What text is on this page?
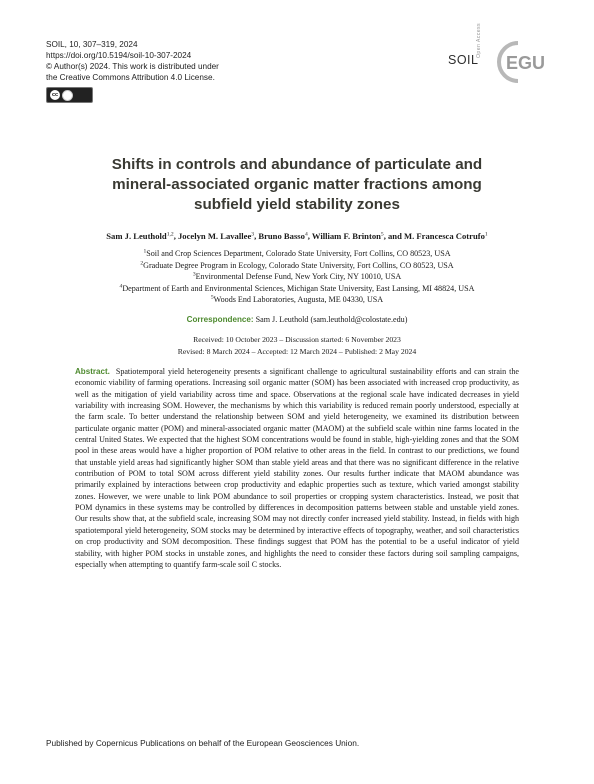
SOIL, 10, 307–319, 2024
https://doi.org/10.5194/soil-10-307-2024
© Author(s) 2024. This work is distributed under
the Creative Commons Attribution 4.0 License.
cc
SOIL
Open Access
EGU
Shifts in controls and abundance of particulate and
mineral-associated organic matter fractions among
subfield yield stability zones
Sam J. Leuthold$^{1,2}$, Jocelyn M. Lavallee$^3$, Bruno Basso$^4$, William F. Brinton$^5$, and M. Francesca Cotrufo$^1$
$^1$Soil and Crop Sciences Department, Colorado State University, Fort Collins, CO 80523, USA
$^2$Graduate Degree Program in Ecology, Colorado State University, Fort Collins, CO 80523, USA
$^3$Environmental Defense Fund, New York City, NY 10010, USA
$^4$Department of Earth and Environmental Sciences, Michigan State University, East Lansing, MI 48824, USA
$^5$Woods End Laboratories, Augusta, ME 04330, USA
Correspondence: Sam J. Leuthold (sam.leuthold@colostate.edu)
Received: 10 October 2023 – Discussion started: 6 November 2023
Revised: 8 March 2024 – Accepted: 12 March 2024 – Published: 2 May 2024
Abstract. Spatiotemporal yield heterogeneity presents a significant challenge to agricultural sustainability efforts and can strain the economic viability of farming operations. Increasing soil organic matter (SOM) has been associated with increased crop productivity, as well as the mitigation of yield variability across time and space. Observations at the regional scale have indicated decreases in yield variability with increasing SOM. However, the mechanisms by which this variability is reduced remain poorly understood, especially at the farm scale. To better understand the relationship between SOM and yield heterogeneity, we examined its distribution between particulate organic matter (POM) and mineral-associated organic matter (MAOM) at the subfield scale within nine farms located in the central United States. We expected that the highest SOM concentrations would be found in stable, high-yielding zones and that the SOM pool in these areas would have a higher proportion of POM relative to other areas in the field. In contrast to our predictions, we found that unstable yield areas had significantly higher SOM than stable yield areas and that there was no significant difference in the relative contribution of POM to total SOM across different yield stability zones. Our results further indicate that MAOM abundance was primarily explained by interactions between crop productivity and edaphic properties such as texture, which varied amongst stability zones. However, we were unable to link POM abundance to soil properties or cropping system characteristics. Instead, we posit that POM dynamics in these systems may be controlled by differences in decomposition patterns between stable and unstable yield zones. Our results show that, at the subfield scale, increasing SOM may not directly confer increased yield stability. Instead, in fields with high spatiotemporal yield heterogeneity, SOM stocks may be determined by interactive effects of topography, weather, and soil characteristics on crop productivity and SOM decomposition. These findings suggest that POM has the potential to be a useful indicator of yield stability, with higher POM stocks in unstable zones, and highlights the need to consider these factors during soil sampling campaigns, especially when attempting to quantify farm-scale soil C stocks.
Published by Copernicus Publications on behalf of the European Geosciences Union.
